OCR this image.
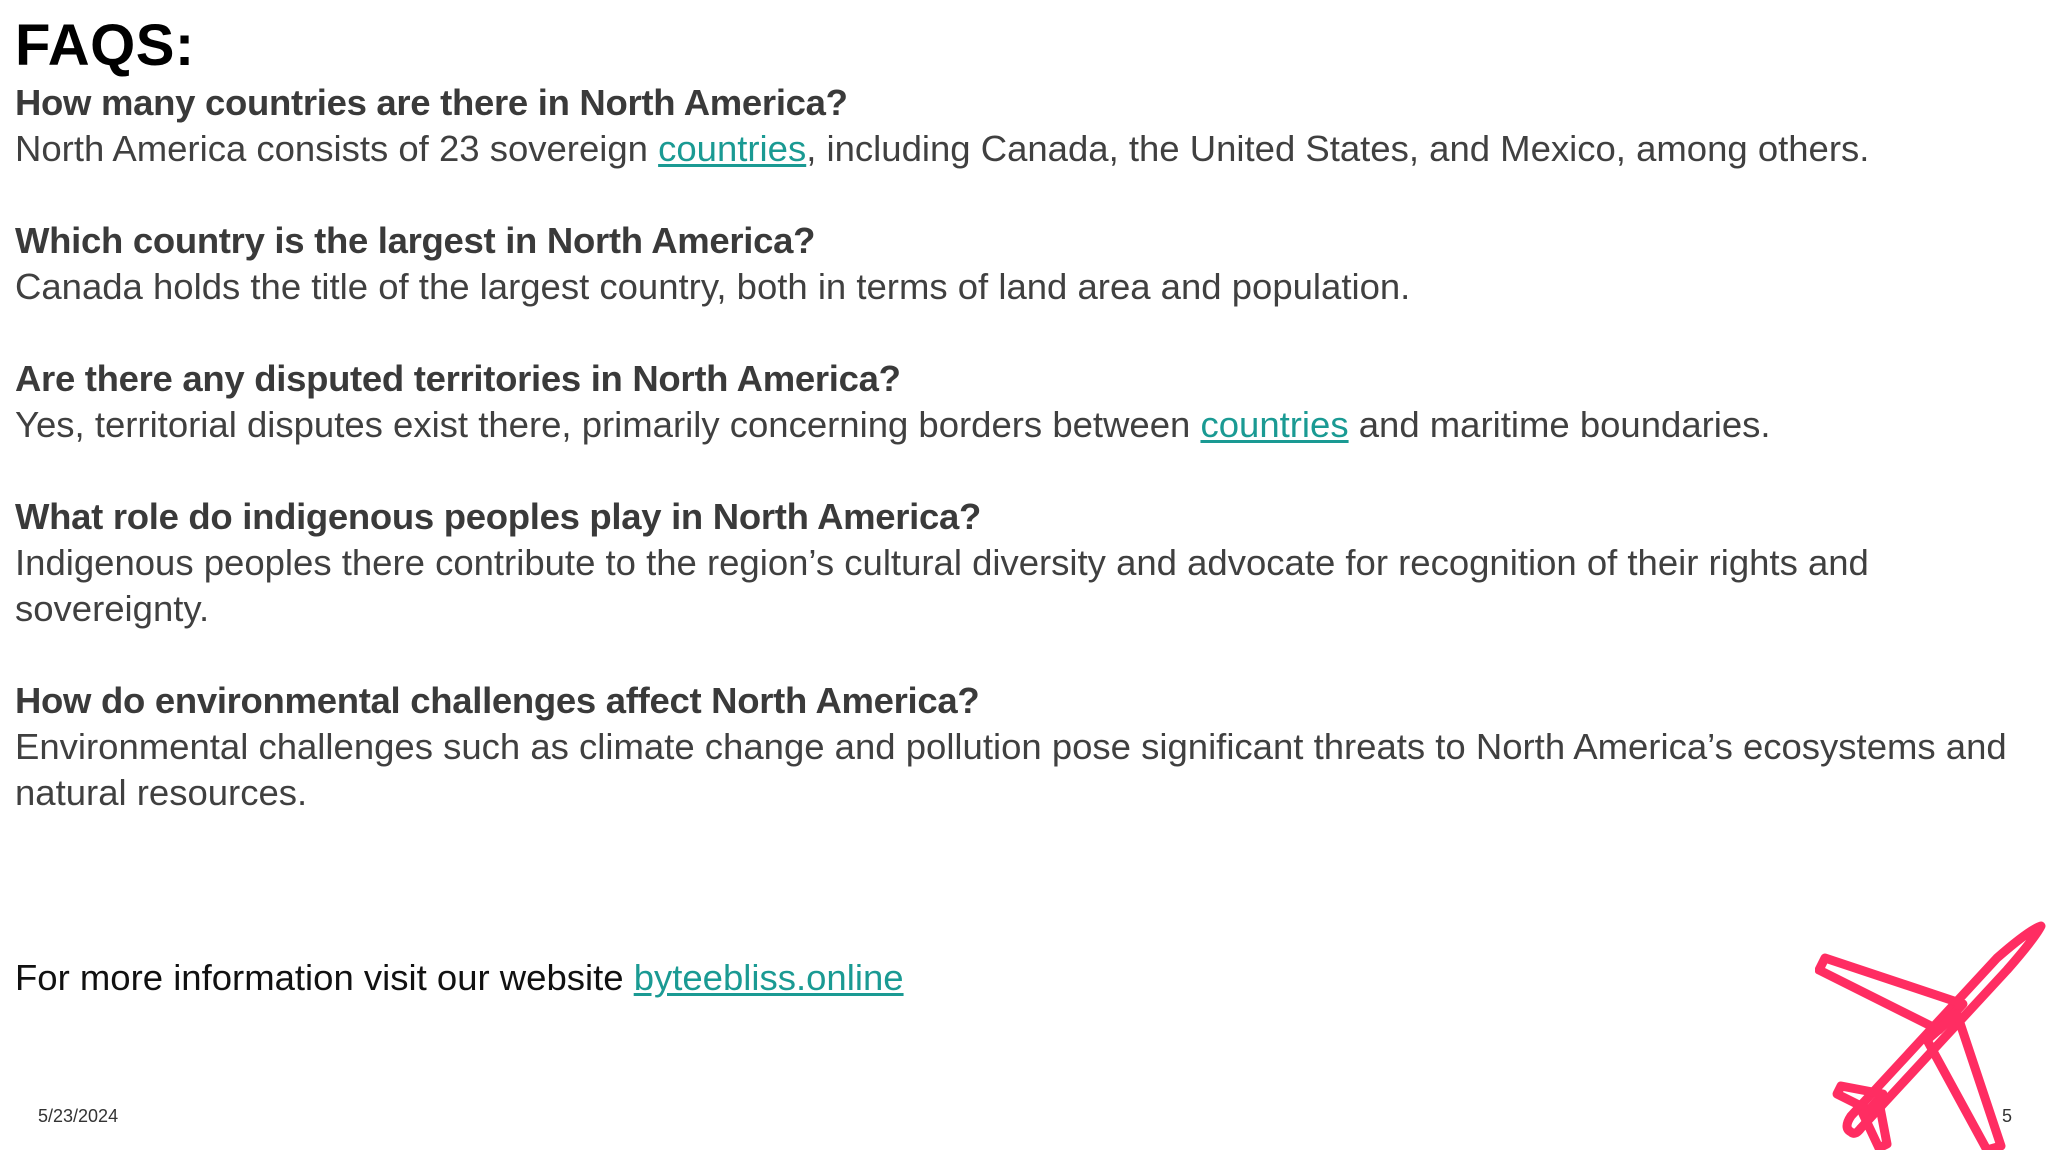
FAQS:
How many countries are there in North America?
North America consists of 23 sovereign countries, including Canada, the United States, and Mexico, among others.
Which country is the largest in North America?
Canada holds the title of the largest country, both in terms of land area and population.
Are there any disputed territories in North America?
Yes, territorial disputes exist there, primarily concerning borders between countries and maritime boundaries.
What role do indigenous peoples play in North America?
Indigenous peoples there contribute to the region’s cultural diversity and advocate for recognition of their rights and sovereignty.
How do environmental challenges affect North America?
Environmental challenges such as climate change and pollution pose significant threats to North America’s ecosystems and natural resources.
For more information visit our website byteebliss.online
5/23/2024	5
